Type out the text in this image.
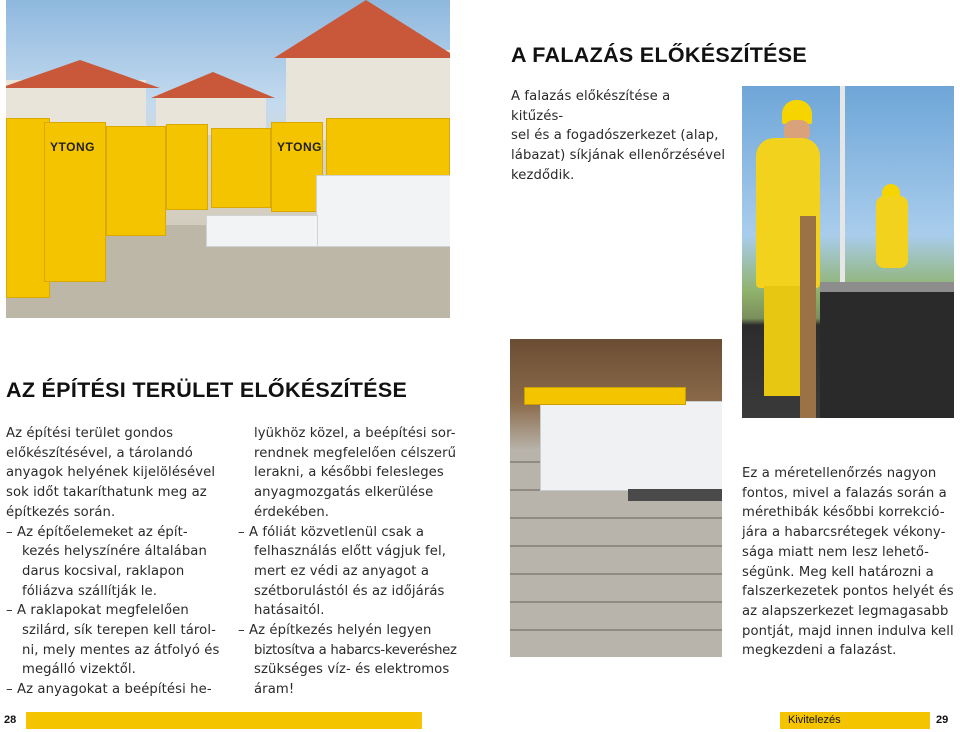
YTONG	YTONG
A FALAZÁS ELŐKÉSZÍTÉSE
AZ ÉPÍTÉSI TERÜLET ELŐKÉSZÍTÉSE
A falazás előkészítése a kitűzés-
sel és a fogadószerkezet (alap,
lábazat) síkjának ellenőrzésével
kezdődik.
Az építési terület gondos
előkészítésével, a tárolandó
anyagok helyének kijelölésével
sok időt takaríthatunk meg az
építkezés során.
– Az építőelemeket az épít-
kezés helyszínére általában
darus kocsival, raklapon
fóliázva szállítják le.
– A raklapokat megfelelően
szilárd, sík terepen kell tárol-
ni, mely mentes az átfolyó és
megálló vizektől.
– Az anyagokat a beépítési he-
lyükhöz közel, a beépítési sor-
rendnek megfelelően célszerű
lerakni, a későbbi felesleges
anyagmozgatás elkerülése
érdekében.
– A fóliát közvetlenül csak a
felhasználás előtt vágjuk fel,
mert ez védi az anyagot a
szétborulástól és az időjárás
hatásaitól.
– Az építkezés helyén legyen
biztosítva a habarcs-keveréshez
szükséges víz- és elektromos
áram!
Ez a méretellenőrzés nagyon
fontos, mivel a falazás során a
mérethibák későbbi korrekció-
jára a habarcsrétegek vékony-
sága miatt nem lesz lehető-
ségünk. Meg kell határozni a
falszerkezetek pontos helyét és
az alapszerkezet legmagasabb
pontját, majd innen indulva kell
megkezdeni a falazást.
28	Kivitelezés	29
